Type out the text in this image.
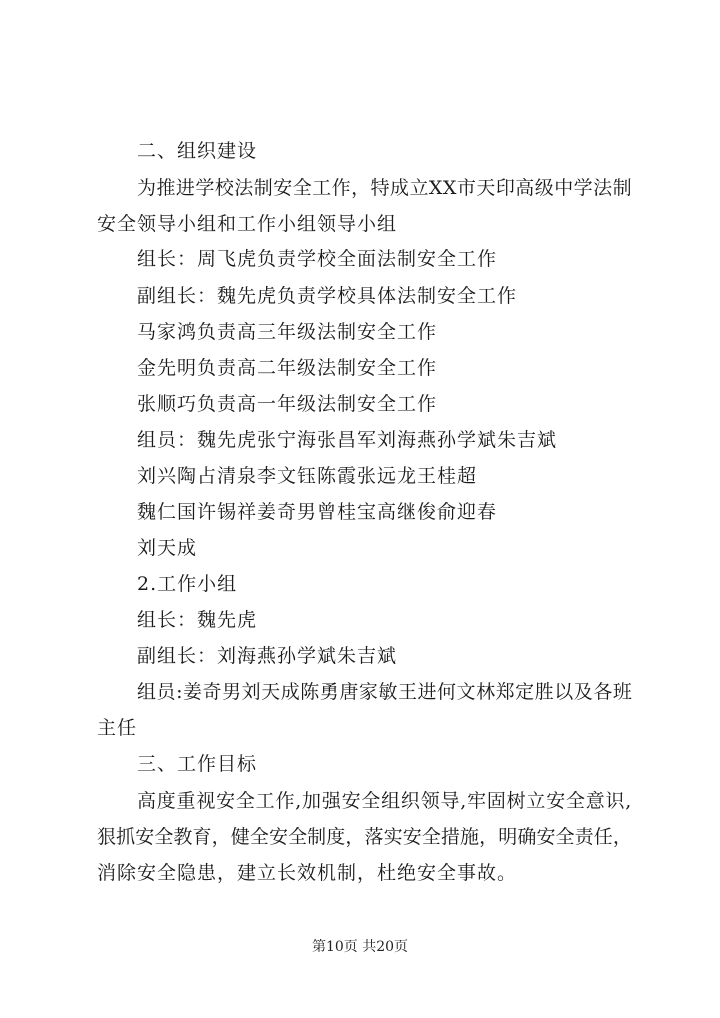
二、组织建设
为推进学校法制安全工作，特成立XX市天印高级中学法制
安全领导小组和工作小组领导小组
组长：周飞虎负责学校全面法制安全工作
副组长：魏先虎负责学校具体法制安全工作
马家鸿负责高三年级法制安全工作
金先明负责高二年级法制安全工作
张顺巧负责高一年级法制安全工作
组员：魏先虎张宁海张昌军刘海燕孙学斌朱吉斌
刘兴陶占清泉李文钰陈霞张远龙王桂超
魏仁国许锡祥姜奇男曾桂宝高继俊俞迎春
刘天成
2.工作小组
组长：魏先虎
副组长：刘海燕孙学斌朱吉斌
组员:姜奇男刘天成陈勇唐家敏王进何文林郑定胜以及各班
主任
三、工作目标
高度重视安全工作,加强安全组织领导,牢固树立安全意识,
狠抓安全教育，健全安全制度，落实安全措施，明确安全责任，
消除安全隐患，建立长效机制，杜绝安全事故。
第10页 共20页
